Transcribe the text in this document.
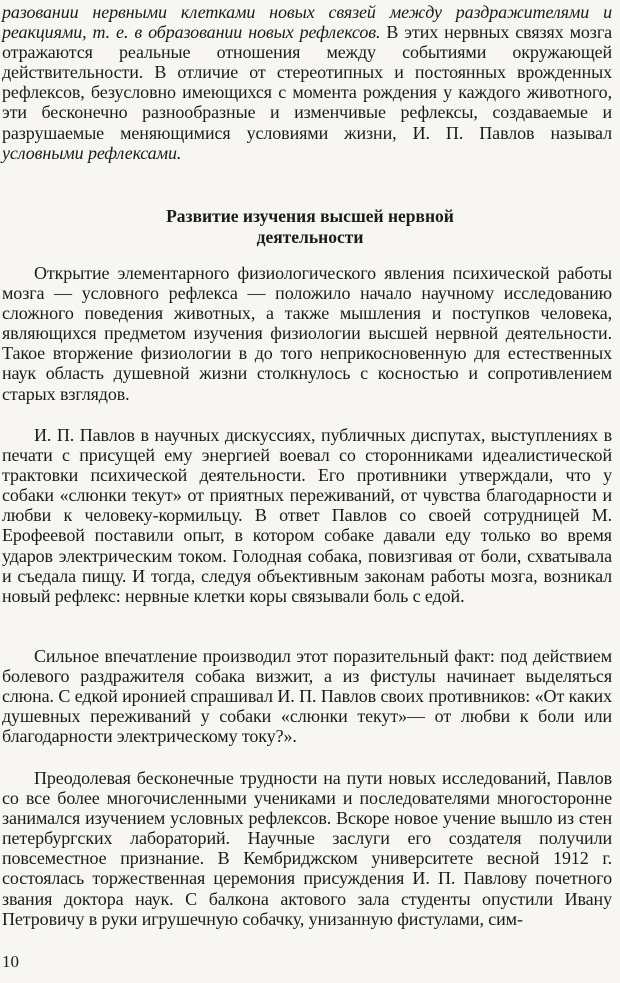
разовании нервными клетками новых связей между раздражителями и реакциями, т. е. в образовании новых рефлексов. В этих нервных связях мозга отражаются реальные отношения между событиями окружающей действительности. В отличие от стереотипных и постоянных врожденных рефлексов, безусловно имеющихся с момента рождения у каждого животного, эти бесконечно разнообразные и изменчивые рефлексы, создаваемые и разрушаемые меняющимися условиями жизни, И. П. Павлов называл условными рефлексами.

Развитие изучения высшей нервной
деятельности

Открытие элементарного физиологического явления психической работы мозга — условного рефлекса — положило начало научному исследованию сложного поведения животных, а также мышления и поступков человека, являющихся предметом изучения физиологии высшей нервной деятельности. Такое вторжение физиологии в до того неприкосновенную для естественных наук область душевной жизни столкнулось с косностью и сопротивлением старых взглядов.

И. П. Павлов в научных дискуссиях, публичных диспутах, выступлениях в печати с присущей ему энергией воевал со сторонниками идеалистической трактовки психической деятельности. Его противники утверждали, что у собаки «слюнки текут» от приятных переживаний, от чувства благодарности и любви к человеку-кормильцу. В ответ Павлов со своей сотрудницей М. Ерофеевой поставили опыт, в котором собаке давали еду только во время ударов электрическим током. Голодная собака, повизгивая от боли, схватывала и съедала пищу. И тогда, следуя объективным законам работы мозга, возникал новый рефлекс: нервные клетки коры связывали боль с едой.

Сильное впечатление производил этот поразительный факт: под действием болевого раздражителя собака визжит, а из фистулы начинает выделяться слюна. С едкой иронией спрашивал И. П. Павлов своих противников: «От каких душевных переживаний у собаки «слюнки текут»— от любви к боли или благодарности электрическому току?».

Преодолевая бесконечные трудности на пути новых исследований, Павлов со все более многочисленными учениками и последователями многосторонне занимался изучением условных рефлексов. Вскоре новое учение вышло из стен петербургских лабораторий. Научные заслуги его создателя получили повсеместное признание. В Кембриджском университете весной 1912 г. состоялась торжественная церемония присуждения И. П. Павлову почетного звания доктора наук. С балкона актового зала студенты опустили Ивану Петровичу в руки игрушечную собачку, унизанную фистулами, сим-

10
